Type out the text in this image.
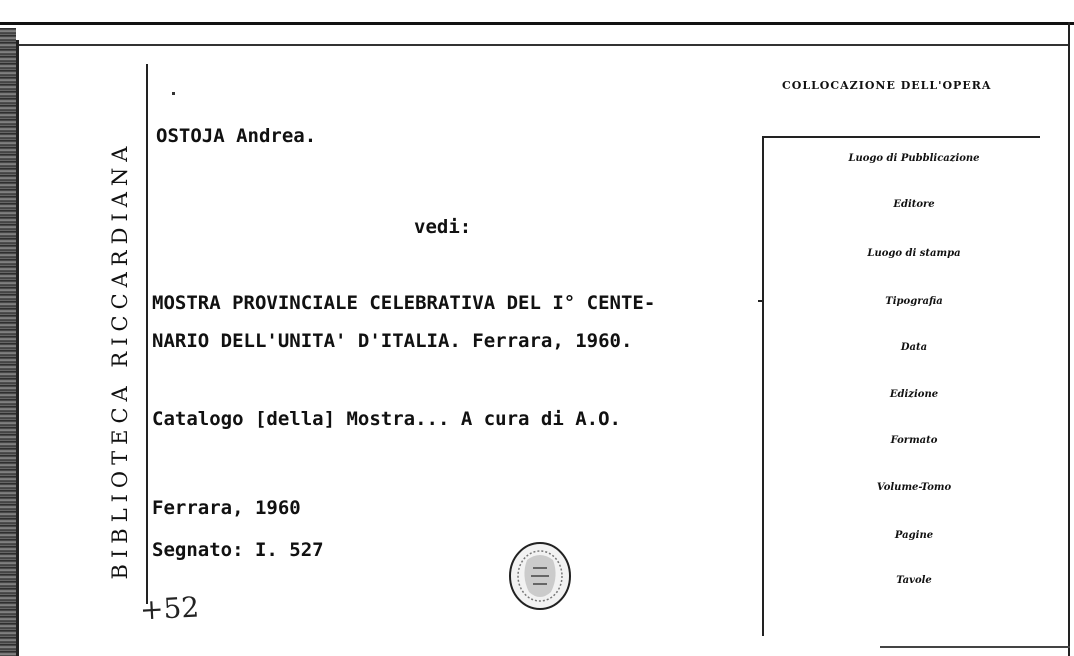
BIBLIOTECA RICCARDIANA
OSTOJA Andrea.
vedi:
MOSTRA PROVINCIALE CELEBRATIVA DEL I° CENTE-
NARIO DELL'UNITA' D'ITALIA. Ferrara, 1960.
Catalogo [della] Mostra... A cura di A.O.
Ferrara, 1960
Segnato: I. 527
+52
COLLOCAZIONE DELL'OPERA
Luogo di Pubblicazione
Editore
Luogo di stampa
Tipografia
Data
Edizione
Formato
Volume-Tomo
Pagine
Tavole
